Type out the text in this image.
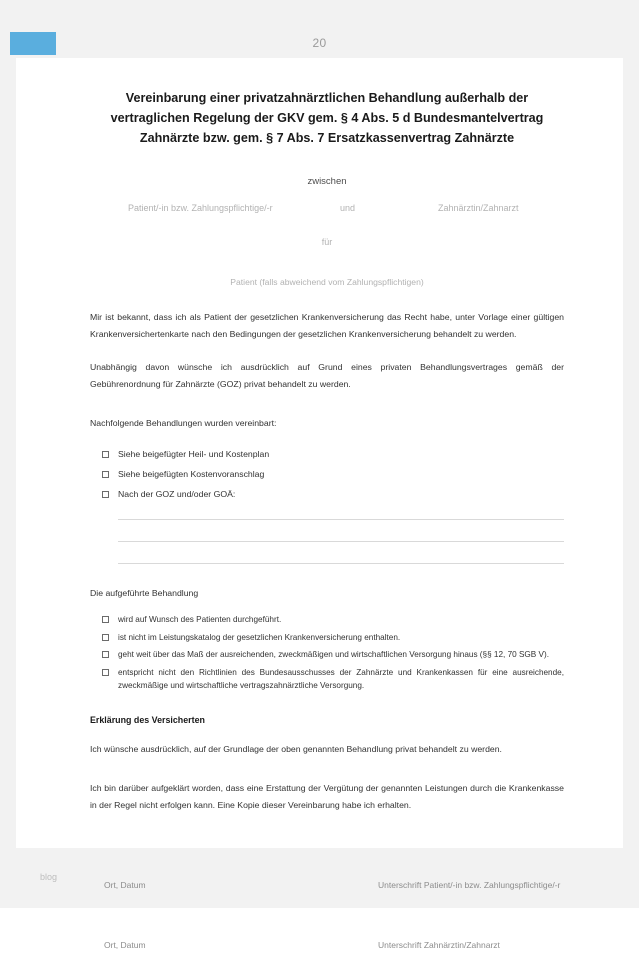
20
Vereinbarung einer privatzahnärztlichen Behandlung außerhalb der vertraglichen Regelung der GKV gem. § 4 Abs. 5 d Bundesmantelvertrag Zahnärzte bzw. gem. § 7 Abs. 7 Ersatzkassenvertrag Zahnärzte
zwischen
Patient/-in bzw. Zahlungspflichtige/-r	und	Zahnärztin/Zahnarzt
für
Patient (falls abweichend vom Zahlungspflichtigen)

Mir ist bekannt, dass ich als Patient der gesetzlichen Krankenversicherung das Recht habe, unter Vorlage einer gültigen Krankenversichertenkarte nach den Bedingungen der gesetzlichen Krankenversicherung behandelt zu werden.

Unabhängig davon wünsche ich ausdrücklich auf Grund eines privaten Behandlungsvertrages gemäß der Gebührenordnung für Zahnärzte (GOZ) privat behandelt zu werden.

Nachfolgende Behandlungen wurden vereinbart:

Siehe beigefügter Heil- und Kostenplan
Siehe beigefügten Kostenvoranschlag
Nach der GOZ und/oder GOÄ:
Die aufgeführte Behandlung
wird auf Wunsch des Patienten durchgeführt.
ist nicht im Leistungskatalog der gesetzlichen Krankenversicherung enthalten.
geht weit über das Maß der ausreichenden, zweckmäßigen und wirtschaftlichen Versorgung hinaus (§§ 12, 70 SGB V).
entspricht nicht den Richtlinien des Bundesausschusses der Zahnärzte und Krankenkassen für eine ausreichende, zweckmäßige und wirtschaftliche vertragszahnärztliche Versorgung.
Erklärung des Versicherten

Ich wünsche ausdrücklich, auf der Grundlage der oben genannten Behandlung privat behandelt zu werden.

Ich bin darüber aufgeklärt worden, dass eine Erstattung der Vergütung der genannten Leistungen durch die Krankenkasse in der Regel nicht erfolgen kann. Eine Kopie dieser Vereinbarung habe ich erhalten.

Ort, Datum	Unterschrift Patient/-in bzw. Zahlungspflichtige/-r
Ort, Datum	Unterschrift Zahnärztin/Zahnarzt
blog
